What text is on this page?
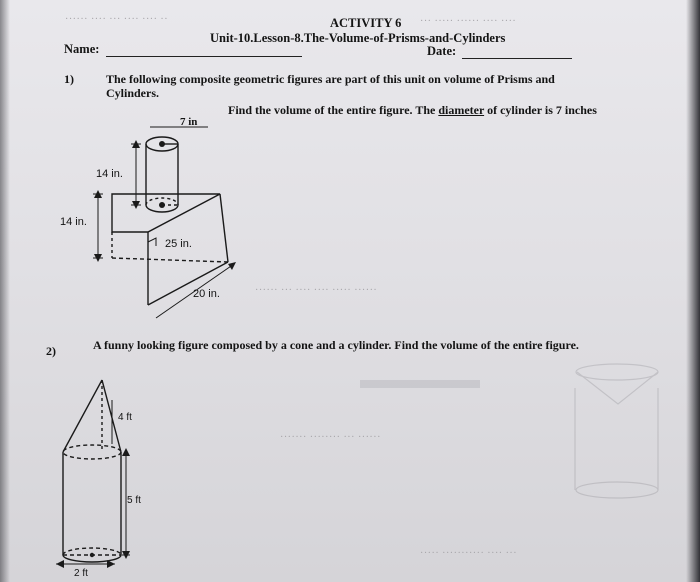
······ ···· ··· ···· ···· ··	··· ····· ······ ···· ····
······ ··· ···· ···· ····· ······
······· ········ ··· ······
····· ··········· ···· ···
ACTIVITY 6
Unit-10.Lesson-8.The-Volume-of-Prisms-and-Cylinders
Name:	Date:
1)	The following composite geometric figures are part of this unit on volume of Prisms and
Cylinders.
Find the volume of the entire figure. The diameter of cylinder is 7 inches
7 in
14 in.
14 in.
25 in.
20 in.
2)	A funny looking figure composed by a cone and a cylinder. Find the volume of the entire figure.
4 ft
5 ft
2 ft
